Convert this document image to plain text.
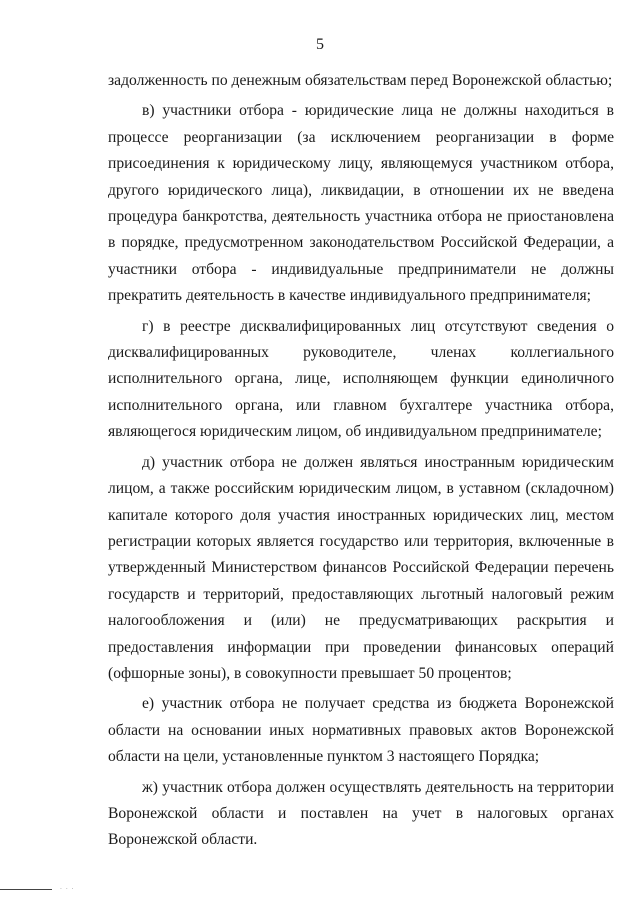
5

задолженность по денежным обязательствам перед Воронежской областью;

в) участники отбора - юридические лица не должны находиться в процессе реорганизации (за исключением реорганизации в форме присоединения к юридическому лицу, являющемуся участником отбора, другого юридического лица), ликвидации, в отношении их не введена процедура банкротства, деятельность участника отбора не приостановлена в порядке, предусмотренном законодательством Российской Федерации, а участники отбора - индивидуальные предприниматели не должны прекратить деятельность в качестве индивидуального предпринимателя;

г) в реестре дисквалифицированных лиц отсутствуют сведения о дисквалифицированных руководителе, членах коллегиального исполнительного органа, лице, исполняющем функции единоличного исполнительного органа, или главном бухгалтере участника отбора, являющегося юридическим лицом, об индивидуальном предпринимателе;

д) участник отбора не должен являться иностранным юридическим лицом, а также российским юридическим лицом, в уставном (складочном) капитале которого доля участия иностранных юридических лиц, местом регистрации которых является государство или территория, включенные в утвержденный Министерством финансов Российской Федерации перечень государств и территорий, предоставляющих льготный налоговый режим налогообложения и (или) не предусматривающих раскрытия и предоставления информации при проведении финансовых операций (офшорные зоны), в совокупности превышает 50 процентов;

е) участник отбора не получает средства из бюджета Воронежской области на основании иных нормативных правовых актов Воронежской области на цели, установленные пунктом 3 настоящего Порядка;

ж) участник отбора должен осуществлять деятельность на территории Воронежской области и поставлен на учет в налоговых органах Воронежской области.

· · ·
